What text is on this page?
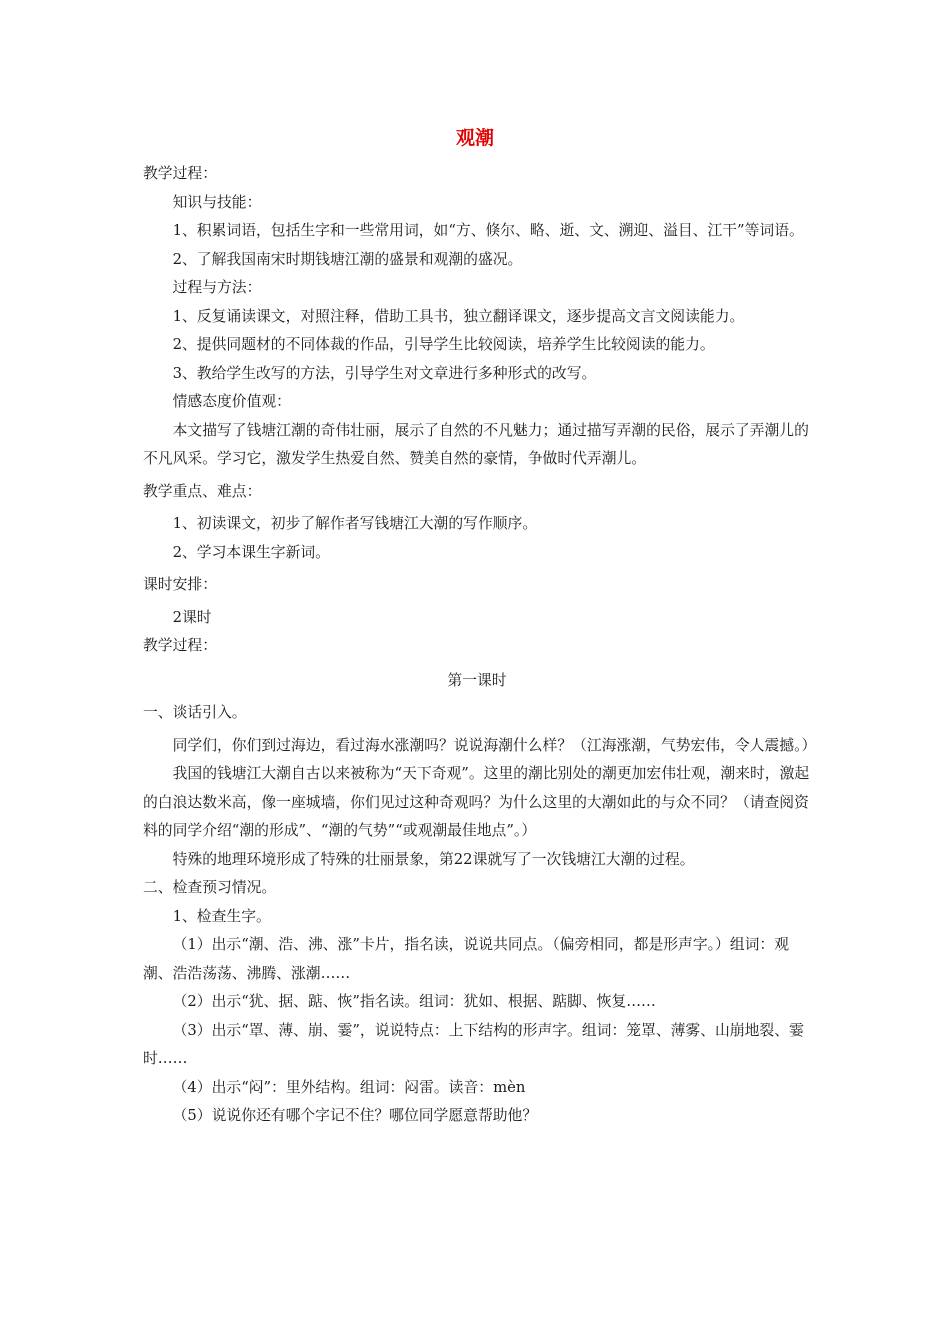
观潮

教学过程：

知识与技能：

1、积累词语，包括生字和一些常用词，如“方、倏尔、略、逝、文、溯迎、溢目、江干”等词语。

2、了解我国南宋时期钱塘江潮的盛景和观潮的盛况。

过程与方法：

1、反复诵读课文，对照注释，借助工具书，独立翻译课文，逐步提高文言文阅读能力。

2、提供同题材的不同体裁的作品，引导学生比较阅读，培养学生比较阅读的能力。

3、教给学生改写的方法，引导学生对文章进行多种形式的改写。

情感态度价值观：

本文描写了钱塘江潮的奇伟壮丽，展示了自然的不凡魅力；通过描写弄潮的民俗，展示了弄潮儿的不凡风采。学习它，激发学生热爱自然、赞美自然的豪情，争做时代弄潮儿。

教学重点、难点：

1、初读课文，初步了解作者写钱塘江大潮的写作顺序。

2、学习本课生字新词。

课时安排：

2课时

教学过程：

第一课时

一、谈话引入。

同学们，你们到过海边，看过海水涨潮吗？说说海潮什么样？（江海涨潮，气势宏伟，令人震撼。）

我国的钱塘江大潮自古以来被称为“天下奇观”。这里的潮比别处的潮更加宏伟壮观，潮来时，激起的白浪达数米高，像一座城墙，你们见过这种奇观吗？为什么这里的大潮如此的与众不同？（请查阅资料的同学介绍“潮的形成”、“潮的气势”“或观潮最佳地点”。）

特殊的地理环境形成了特殊的壮丽景象，第22课就写了一次钱塘江大潮的过程。

二、检查预习情况。

1、检查生字。

（1）出示“潮、浩、沸、涨”卡片，指名读，说说共同点。（偏旁相同，都是形声字。）组词：观潮、浩浩荡荡、沸腾、涨潮……

（2）出示“犹、据、踮、恢”指名读。组词：犹如、根据、踮脚、恢复……

（3）出示“罩、薄、崩、霎”，说说特点：上下结构的形声字。组词：笼罩、薄雾、山崩地裂、霎时……

（4）出示“闷”：里外结构。组词：闷雷。读音：mèn

（5）说说你还有哪个字记不住？哪位同学愿意帮助他？
